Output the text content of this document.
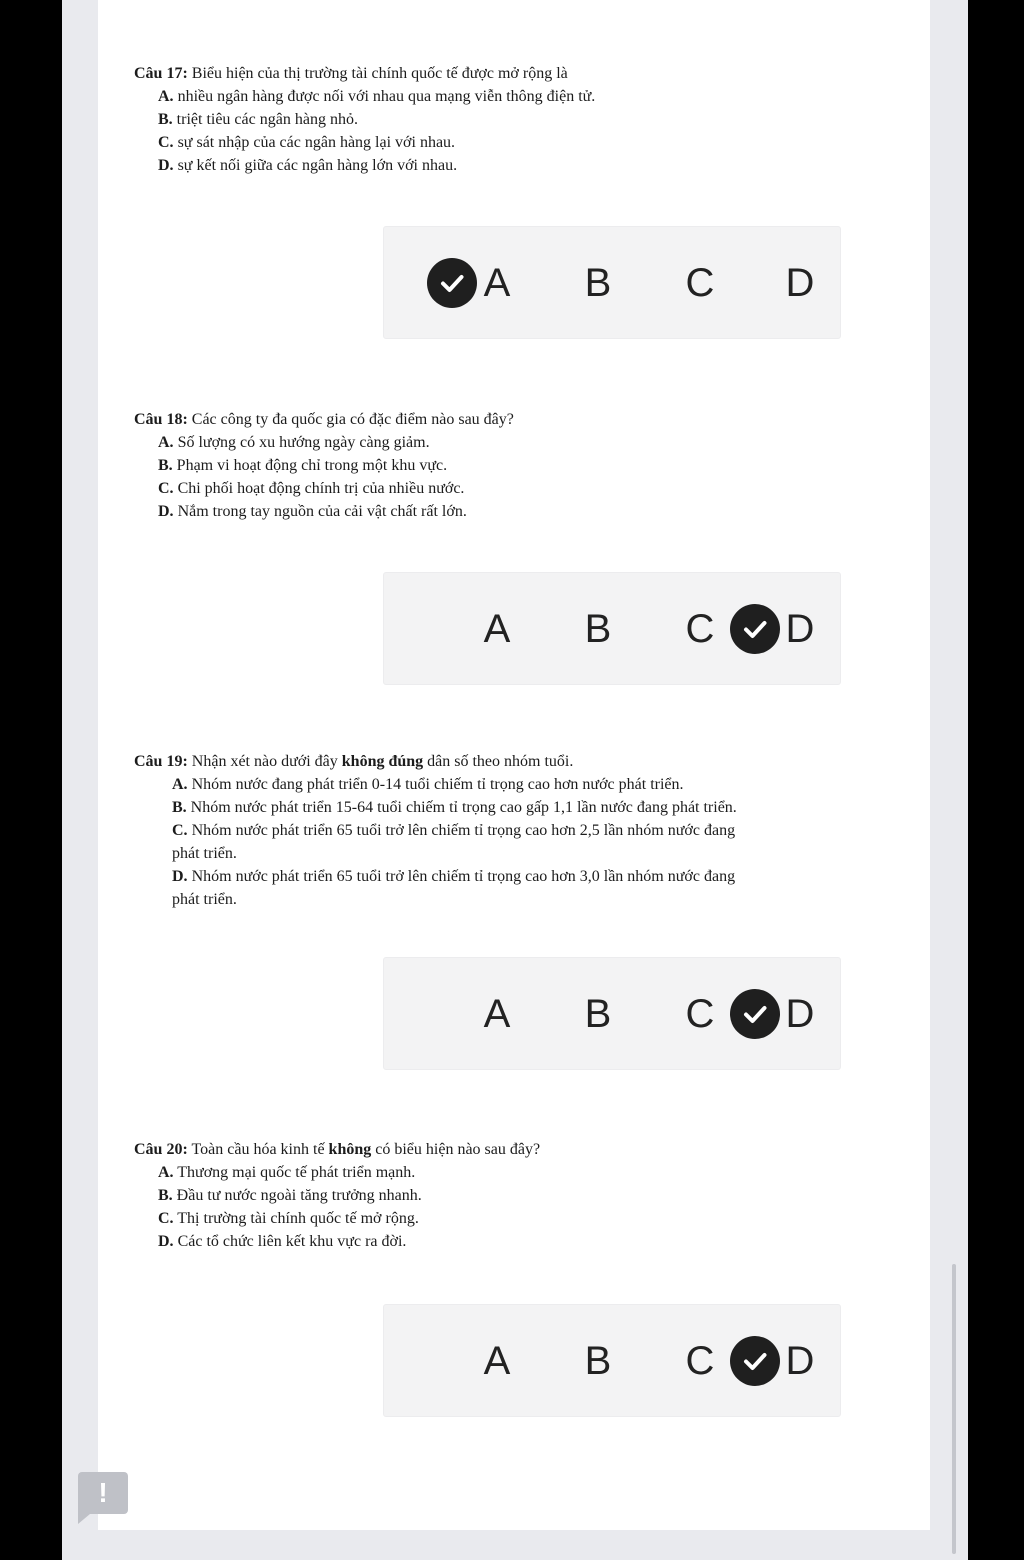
Câu 17: Biểu hiện của thị trường tài chính quốc tế được mở rộng là

A. nhiều ngân hàng được nối với nhau qua mạng viễn thông điện tử.

B. triệt tiêu các ngân hàng nhỏ.

C. sự sát nhập của các ngân hàng lại với nhau.

D. sự kết nối giữa các ngân hàng lớn với nhau.

A B C D

Câu 18: Các công ty đa quốc gia có đặc điểm nào sau đây?

A. Số lượng có xu hướng ngày càng giảm.

B. Phạm vi hoạt động chỉ trong một khu vực.

C. Chi phối hoạt động chính trị của nhiều nước.

D. Nắm trong tay nguồn của cải vật chất rất lớn.

A B C D

Câu 19: Nhận xét nào dưới đây không đúng dân số theo nhóm tuổi.

A. Nhóm nước đang phát triển 0-14 tuổi chiếm tỉ trọng cao hơn nước phát triển.

B. Nhóm nước phát triển 15-64 tuổi chiếm tỉ trọng cao gấp 1,1 lần nước đang phát triển.

C. Nhóm nước phát triển 65 tuổi trở lên chiếm tỉ trọng cao hơn 2,5 lần nhóm nước đang

phát triển.

D. Nhóm nước phát triển 65 tuổi trở lên chiếm tỉ trọng cao hơn 3,0 lần nhóm nước đang

phát triển.

A B C D

Câu 20: Toàn cầu hóa kinh tế không có biểu hiện nào sau đây?

A. Thương mại quốc tế phát triển mạnh.

B. Đầu tư nước ngoài tăng trưởng nhanh.

C. Thị trường tài chính quốc tế mở rộng.

D. Các tổ chức liên kết khu vực ra đời.

A B C D
!
